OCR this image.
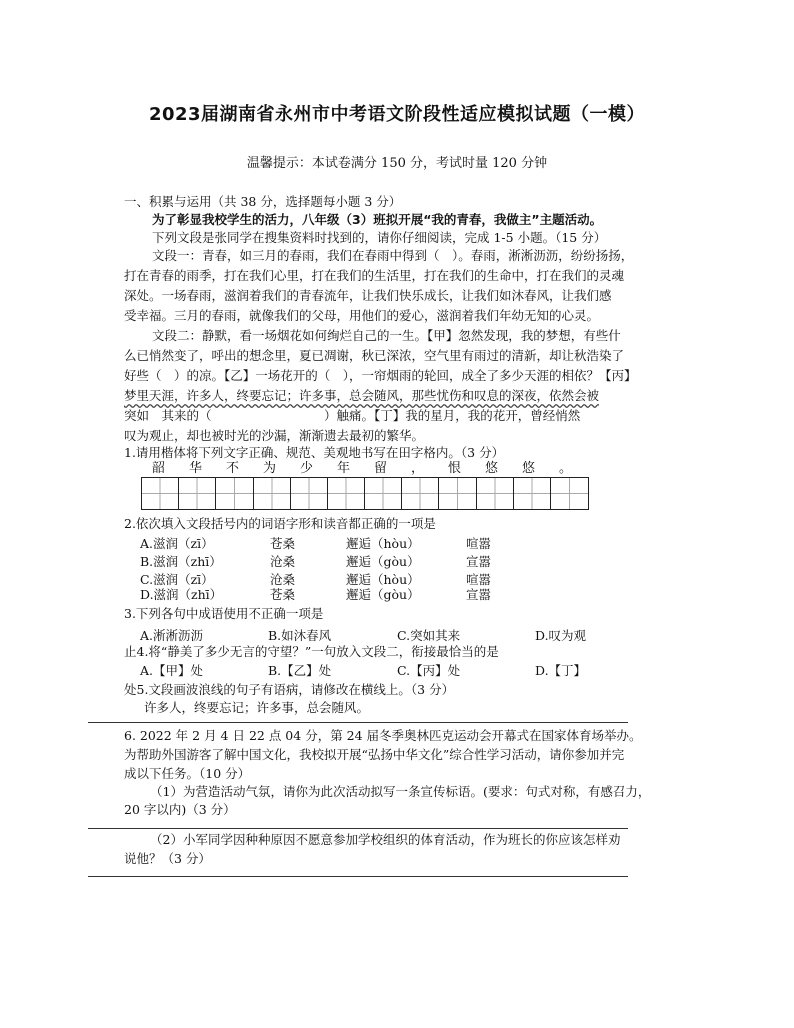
2023届湖南省永州市中考语文阶段性适应模拟试题（一模）
温馨提示：本试卷满分 150 分，考试时量 120 分钟
一、积累与运用（共 38 分，选择题每小题 3 分）
为了彰显我校学生的活力，八年级（3）班拟开展“我的青春，我做主”主题活动。
下列文段是张同学在搜集资料时找到的，请你仔细阅读，完成 1-5 小题。（15 分）
文段一：青春，如三月的春雨，我们在春雨中得到（　）。春雨，淅淅沥沥，纷纷扬扬，
打在青春的雨季，打在我们心里，打在我们的生活里，打在我们的生命中，打在我们的灵魂
深处。一场春雨，滋润着我们的青春流年，让我们快乐成长，让我们如沐春风，让我们感
受幸福。三月的春雨，就像我们的父母，用他们的爱心，滋润着我们年幼无知的心灵。
文段二：静默，看一场烟花如何绚烂自己的一生。【甲】忽然发现，我的梦想，有些什
么已悄然变了，呼出的想念里，夏已凋谢，秋已深浓，空气里有雨过的清新，却让秋浩染了
好些（　）的凉。【乙】一场花开的（　），一帘烟雨的轮回，成全了多少天涯的相依？【丙】
梦里天涯，许多人，终要忘记；许多事，总会随风，那些忧伤和叹息的深夜，依然会被
突如　其来的（　　　　　　　　　）触痛。【丁】我的星月，我的花开，曾经悄然
叹为观止，却也被时光的沙漏，渐渐遗去最初的繁华。
1.请用楷体将下列文字正确、规范、美观地书写在田字格内。（3 分）
韶	华	不	为	少	年	留	，	恨	悠	悠	。
2.依次填入文段括号内的词语字形和读音都正确的一项是
A.滋润（zī）	苍桑	邂逅（hòu）	喧嚣
B.滋润（zhī）	沧桑	邂逅（gòu）	宣嚣
C.滋润（zī）	沧桑	邂逅（hòu）	喧嚣
D.滋润（zhī）	苍桑	邂逅（gòu）	宣嚣
3.下列各句中成语使用不正确一项是
A.淅淅沥沥	B.如沐春风	C.突如其来	D.叹为观
止4.将“静美了多少无言的守望？”一句放入文段二，衔接最恰当的是
A.【甲】处	B.【乙】处	C.【丙】处	D.【丁】
处5.文段画波浪线的句子有语病，请修改在横线上。（3 分）
许多人，终要忘记；许多事，总会随风。
6. 2022 年 2 月 4 日 22 点 04 分，第 24 届冬季奥林匹克运动会开幕式在国家体育场举办。
为帮助外国游客了解中国文化，我校拟开展“弘扬中华文化”综合性学习活动，请你参加并完
成以下任务。（10 分）
（1）为营造活动气氛，请你为此次活动拟写一条宣传标语。(要求：句式对称，有感召力，
20 字以内)（3 分）
（2）小军同学因种种原因不愿意参加学校组织的体育活动，作为班长的你应该怎样劝
说他？（3 分）
